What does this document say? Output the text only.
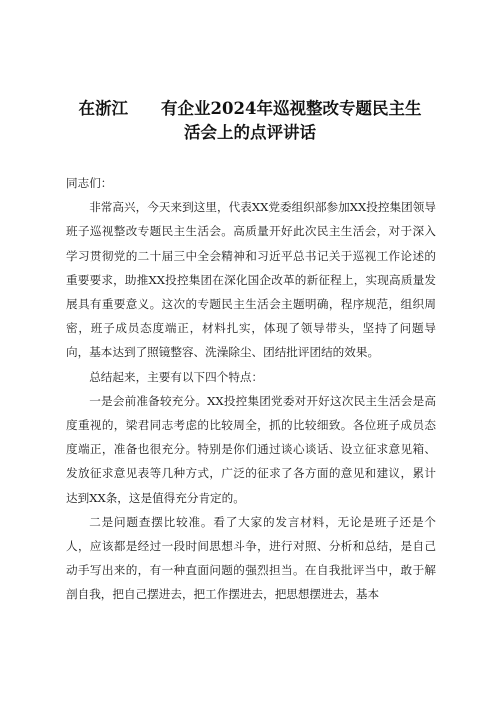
在浙江　　有企业2024年巡视整改专题民主生
活会上的点评讲话

同志们：

非常高兴，今天来到这里，代表XX党委组织部参加XX投控集团领导班子巡视整改专题民主生活会。高质量开好此次民主生活会，对于深入学习贯彻党的二十届三中全会精神和习近平总书记关于巡视工作论述的重要要求，助推XX投控集团在深化国企改革的新征程上，实现高质量发展具有重要意义。这次的专题民主生活会主题明确，程序规范，组织周密，班子成员态度端正，材料扎实，体现了领导带头，坚持了问题导向，基本达到了照镜整容、洗澡除尘、团结批评团结的效果。

总结起来，主要有以下四个特点：

一是会前准备较充分。XX投控集团党委对开好这次民主生活会是高度重视的，梁君同志考虑的比较周全，抓的比较细致。各位班子成员态度端正，准备也很充分。特别是你们通过谈心谈话、设立征求意见箱、发放征求意见表等几种方式，广泛的征求了各方面的意见和建议，累计达到XX条，这是值得充分肯定的。

二是问题查摆比较准。看了大家的发言材料，无论是班子还是个人，应该都是经过一段时间思想斗争，进行对照、分析和总结，是自己动手写出来的，有一种直面问题的强烈担当。在自我批评当中，敢于解剖自我，把自己摆进去，把工作摆进去，把思想摆进去，基本
